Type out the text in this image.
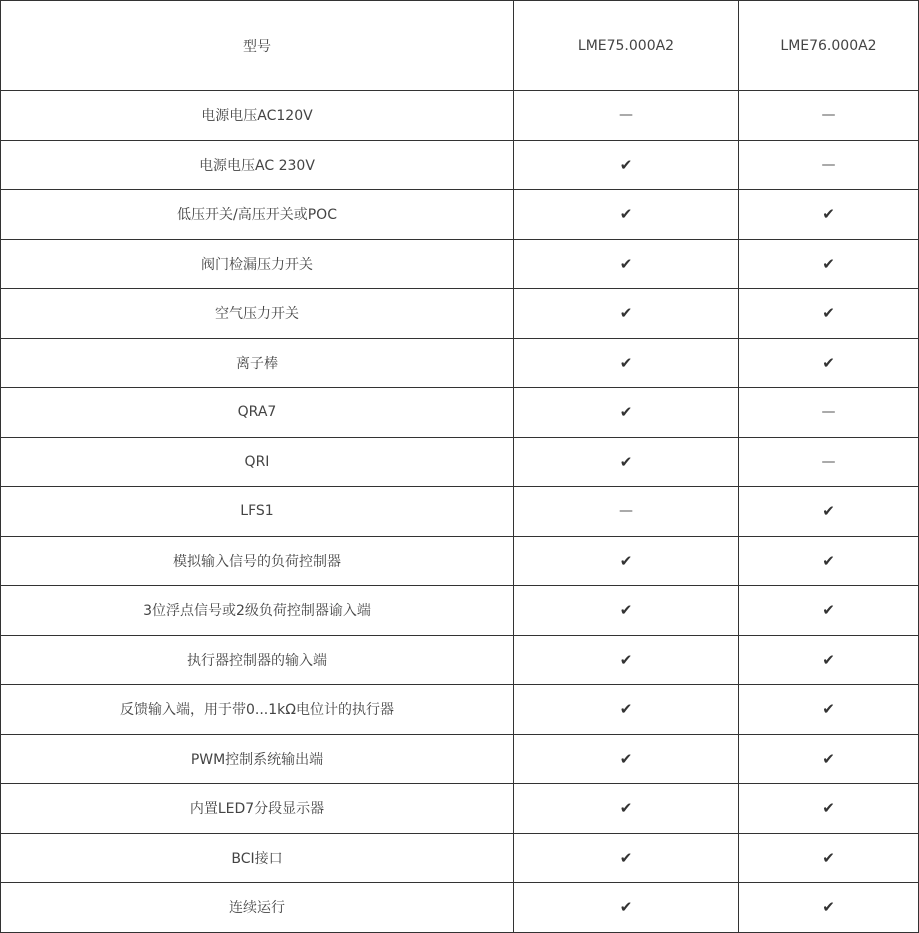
型号	LME75.000A2	LME76.000A2
电源电压AC120V	—	—
电源电压AC 230V	✔	—
低压开关/高压开关或POC	✔	✔
阀门检漏压力开关	✔	✔
空气压力开关	✔	✔
离子棒	✔	✔
QRA7	✔	—
QRI	✔	—
LFS1	—	✔
模拟输入信号的负荷控制器	✔	✔
3位浮点信号或2级负荷控制器谕入端	✔	✔
执行器控制器的输入端	✔	✔
反馈输入端，用于带0...1kΩ电位计的执行器	✔	✔
PWM控制系统输出端	✔	✔
内置LED7分段显示器	✔	✔
BCI接口	✔	✔
连续运行	✔	✔
